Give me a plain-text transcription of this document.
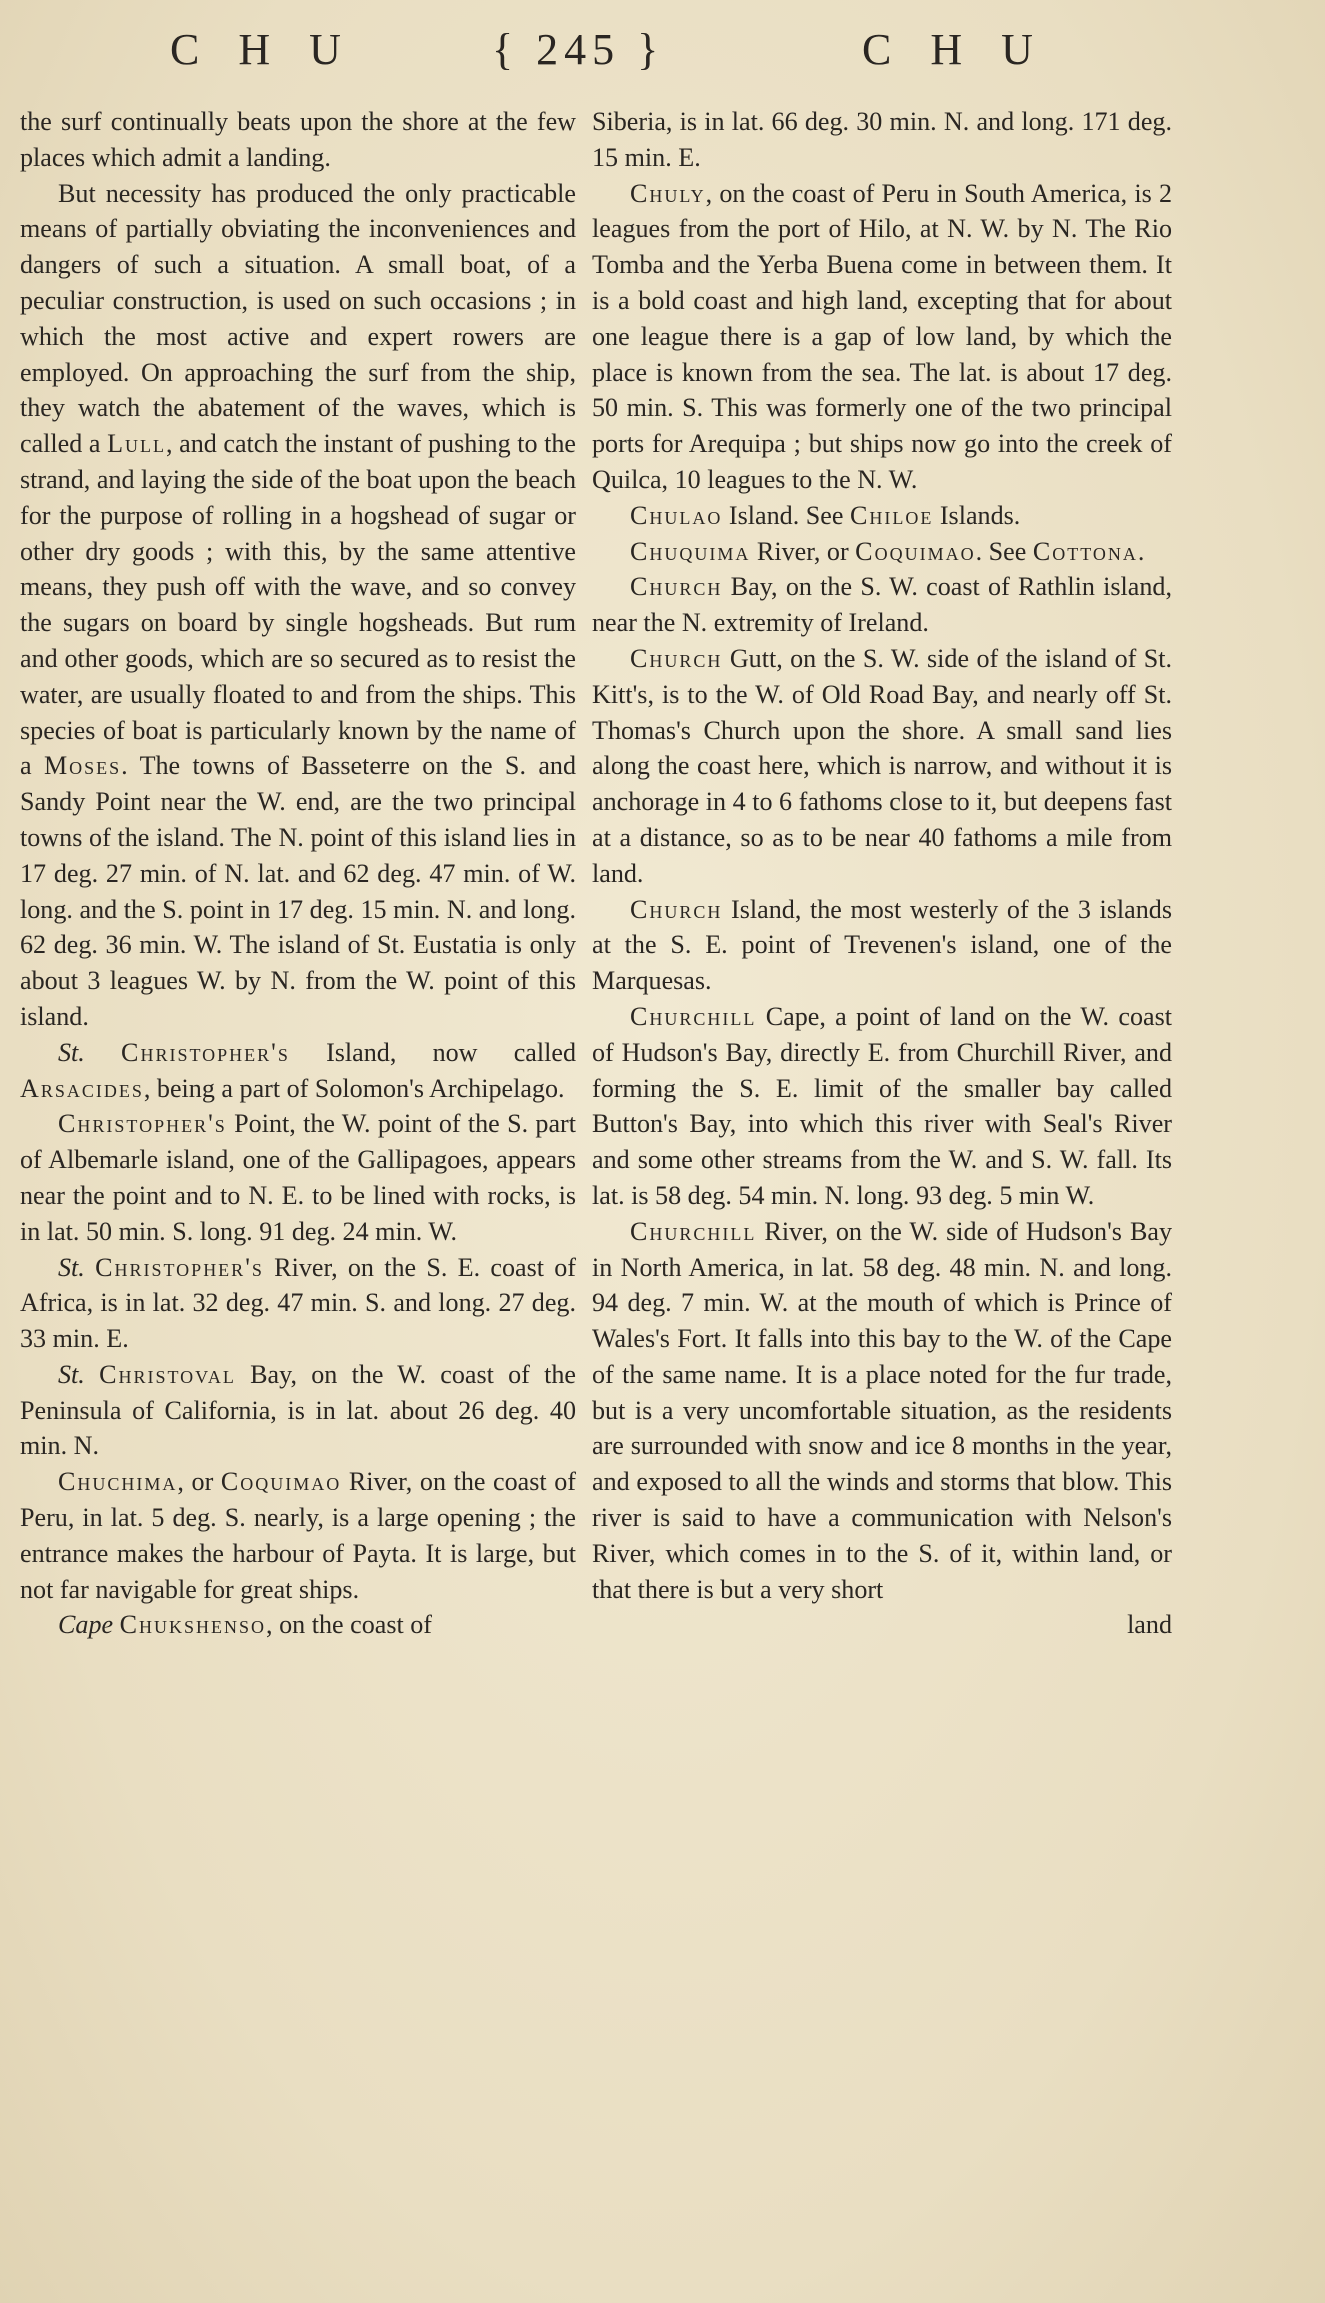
C H U	{ 245 }	C H U

the surf continually beats upon the shore at the few places which admit a landing.

But necessity has produced the only practicable means of partially obviating the inconveniences and dangers of such a situation. A small boat, of a peculiar construction, is used on such occasions ; in which the most active and expert rowers are employed. On approaching the surf from the ship, they watch the abatement of the waves, which is called a Lull, and catch the instant of pushing to the strand, and laying the side of the boat upon the beach for the purpose of rolling in a hogshead of sugar or other dry goods ; with this, by the same attentive means, they push off with the wave, and so convey the sugars on board by single hogsheads. But rum and other goods, which are so secured as to resist the water, are usually floated to and from the ships. This species of boat is particularly known by the name of a Moses. The towns of Basseterre on the S. and Sandy Point near the W. end, are the two principal towns of the island. The N. point of this island lies in 17 deg. 27 min. of N. lat. and 62 deg. 47 min. of W. long. and the S. point in 17 deg. 15 min. N. and long. 62 deg. 36 min. W. The island of St. Eustatia is only about 3 leagues W. by N. from the W. point of this island.

St. Christopher's Island, now called Arsacides, being a part of Solomon's Archipelago.

Christopher's Point, the W. point of the S. part of Albemarle island, one of the Gallipagoes, appears near the point and to N. E. to be lined with rocks, is in lat. 50 min. S. long. 91 deg. 24 min. W.

St. Christopher's River, on the S. E. coast of Africa, is in lat. 32 deg. 47 min. S. and long. 27 deg. 33 min. E.

St. Christoval Bay, on the W. coast of the Peninsula of California, is in lat. about 26 deg. 40 min. N.

Chuchima, or Coquimao River, on the coast of Peru, in lat. 5 deg. S. nearly, is a large opening ; the entrance makes the harbour of Payta. It is large, but not far navigable for great ships.

Cape Chukshenso, on the coast of

Siberia, is in lat. 66 deg. 30 min. N. and long. 171 deg. 15 min. E.

Chuly, on the coast of Peru in South America, is 2 leagues from the port of Hilo, at N. W. by N. The Rio Tomba and the Yerba Buena come in between them. It is a bold coast and high land, excepting that for about one league there is a gap of low land, by which the place is known from the sea. The lat. is about 17 deg. 50 min. S. This was formerly one of the two principal ports for Arequipa ; but ships now go into the creek of Quilca, 10 leagues to the N. W.

Chulao Island. See Chiloe Islands.

Chuquima River, or Coquimao. See Cottona.

Church Bay, on the S. W. coast of Rathlin island, near the N. extremity of Ireland.

Church Gutt, on the S. W. side of the island of St. Kitt's, is to the W. of Old Road Bay, and nearly off St. Thomas's Church upon the shore. A small sand lies along the coast here, which is narrow, and without it is anchorage in 4 to 6 fathoms close to it, but deepens fast at a distance, so as to be near 40 fathoms a mile from land.

Church Island, the most westerly of the 3 islands at the S. E. point of Trevenen's island, one of the Marquesas.

Churchill Cape, a point of land on the W. coast of Hudson's Bay, directly E. from Churchill River, and forming the S. E. limit of the smaller bay called Button's Bay, into which this river with Seal's River and some other streams from the W. and S. W. fall. Its lat. is 58 deg. 54 min. N. long. 93 deg. 5 min W.

Churchill River, on the W. side of Hudson's Bay in North America, in lat. 58 deg. 48 min. N. and long. 94 deg. 7 min. W. at the mouth of which is Prince of Wales's Fort. It falls into this bay to the W. of the Cape of the same name. It is a place noted for the fur trade, but is a very uncomfortable situation, as the residents are surrounded with snow and ice 8 months in the year, and exposed to all the winds and storms that blow. This river is said to have a communication with Nelson's River, which comes in to the S. of it, within land, or that there is but a very short

land
